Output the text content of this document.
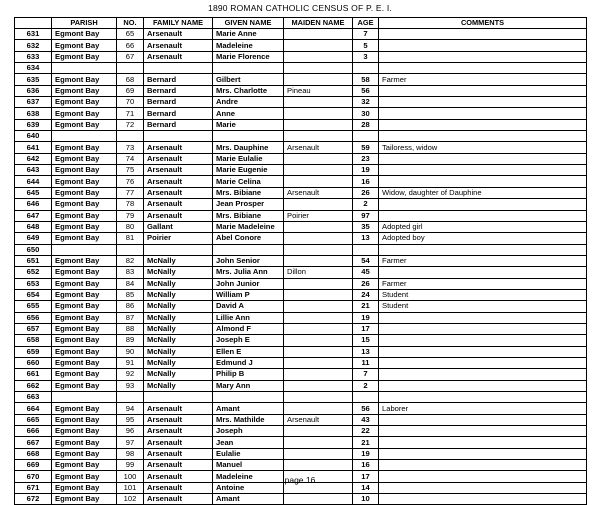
1890 ROMAN CATHOLIC CENSUS OF P. E. I.
	PARISH	NO.	FAMILY NAME	GIVEN NAME	MAIDEN NAME	AGE	COMMENTS
631	Egmont Bay	65	Arsenault	Marie Anne		7	
632	Egmont Bay	66	Arsenault	Madeleine		5	
633	Egmont Bay	67	Arsenault	Marie Florence		3	
634							
635	Egmont Bay	68	Bernard	Gilbert		58	Farmer
636	Egmont Bay	69	Bernard	Mrs. Charlotte	Pineau	56	
637	Egmont Bay	70	Bernard	Andre		32	
638	Egmont Bay	71	Bernard	Anne		30	
639	Egmont Bay	72	Bernard	Marie		28	
640							
641	Egmont Bay	73	Arsenault	Mrs. Dauphine	Arsenault	59	Tailoress, widow
642	Egmont Bay	74	Arsenault	Marie Eulalie		23	
643	Egmont Bay	75	Arsenault	Marie Eugenie		19	
644	Egmont Bay	76	Arsenault	Marie Celina		16	
645	Egmont Bay	77	Arsenault	Mrs. Bibiane	Arsenault	26	Widow, daughter of Dauphine
646	Egmont Bay	78	Arsenault	Jean Prosper		2	
647	Egmont Bay	79	Arsenault	Mrs. Bibiane	Poirier	97	
648	Egmont Bay	80	Gallant	Marie Madeleine		35	Adopted girl
649	Egmont Bay	81	Poirier	Abel Conore		13	Adopted boy
650							
651	Egmont Bay	82	McNally	John Senior		54	Farmer
652	Egmont Bay	83	McNally	Mrs. Julia Ann	Dillon	45	
653	Egmont Bay	84	McNally	John Junior		26	Farmer
654	Egmont Bay	85	McNally	William P		24	Student
655	Egmont Bay	86	McNally	David A		21	Student
656	Egmont Bay	87	McNally	Lillie Ann		19	
657	Egmont Bay	88	McNally	Almond F		17	
658	Egmont Bay	89	McNally	Joseph E		15	
659	Egmont Bay	90	McNally	Ellen E		13	
660	Egmont Bay	91	McNally	Edmund J		11	
661	Egmont Bay	92	McNally	Philip B		7	
662	Egmont Bay	93	McNally	Mary Ann		2	
663							
664	Egmont Bay	94	Arsenault	Amant		56	Laborer
665	Egmont Bay	95	Arsenault	Mrs. Mathilde	Arsenault	43	
666	Egmont Bay	96	Arsenault	Joseph		22	
667	Egmont Bay	97	Arsenault	Jean		21	
668	Egmont Bay	98	Arsenault	Eulalie		19	
669	Egmont Bay	99	Arsenault	Manuel		16	
670	Egmont Bay	100	Arsenault	Madeleine		17	
671	Egmont Bay	101	Arsenault	Antoine		14	
672	Egmont Bay	102	Arsenault	Amant		10	
page 16
